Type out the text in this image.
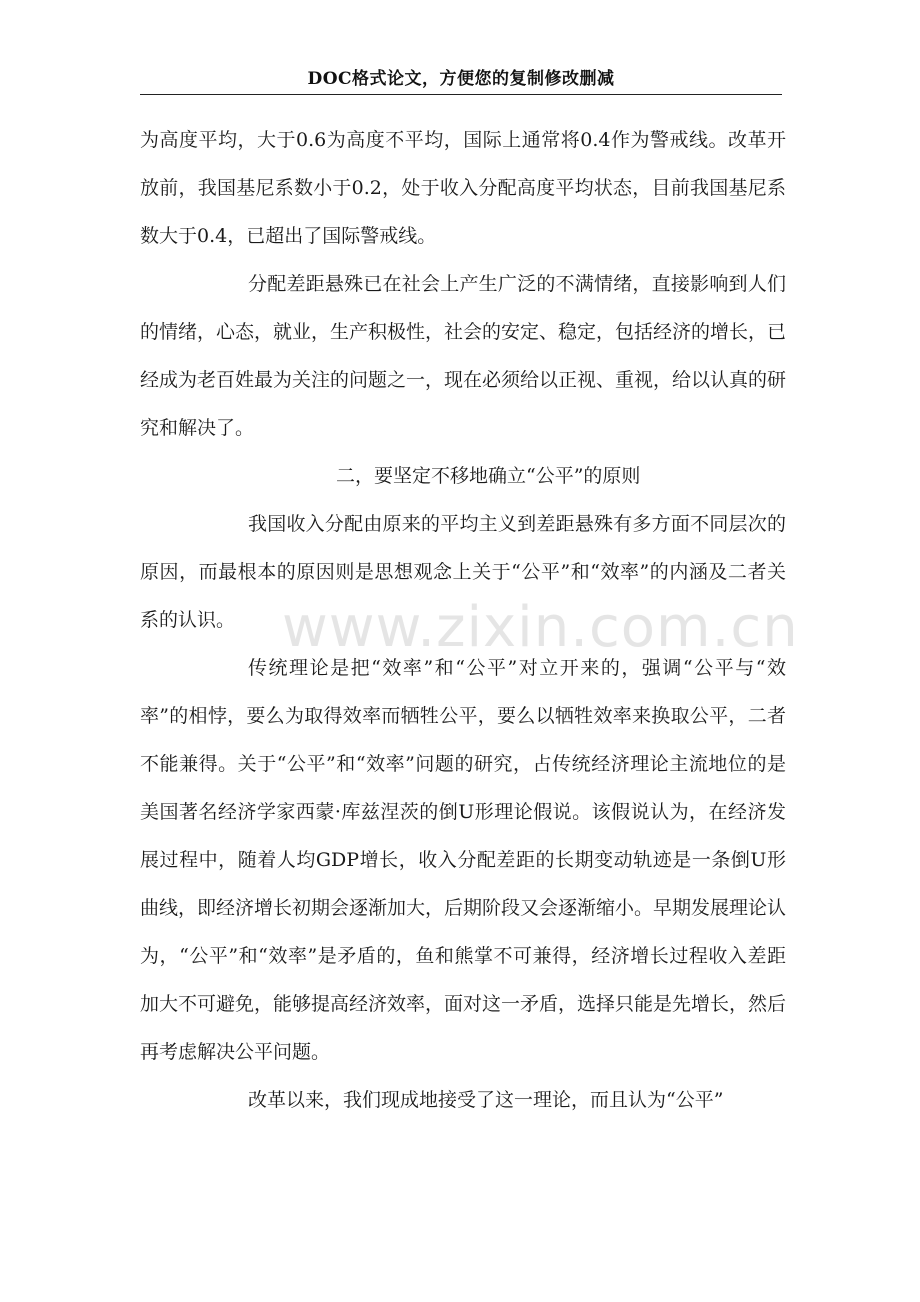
DOC格式论文，方便您的复制修改删减

为高度平均，大于0.6为高度不平均，国际上通常将0.4作为警戒线。改革开放前，我国基尼系数小于0.2，处于收入分配高度平均状态，目前我国基尼系数大于0.4，已超出了国际警戒线。

分配差距悬殊已在社会上产生广泛的不满情绪，直接影响到人们的情绪，心态，就业，生产积极性，社会的安定、稳定，包括经济的增长，已经成为老百姓最为关注的问题之一，现在必须给以正视、重视，给以认真的研究和解决了。

二，要坚定不移地确立“公平”的原则

我国收入分配由原来的平均主义到差距悬殊有多方面不同层次的原因，而最根本的原因则是思想观念上关于“公平”和“效率”的内涵及二者关系的认识。

传统理论是把“效率”和“公平”对立开来的，强调“公平与“效率”的相悖，要么为取得效率而牺牲公平，要么以牺牲效率来换取公平，二者不能兼得。关于“公平”和“效率”问题的研究，占传统经济理论主流地位的是美国著名经济学家西蒙·库兹涅茨的倒U形理论假说。该假说认为，在经济发展过程中，随着人均GDP增长，收入分配差距的长期变动轨迹是一条倒U形曲线，即经济增长初期会逐渐加大，后期阶段又会逐渐缩小。早期发展理论认为，“公平”和“效率”是矛盾的，鱼和熊掌不可兼得，经济增长过程收入差距加大不可避免，能够提高经济效率，面对这一矛盾，选择只能是先增长，然后再考虑解决公平问题。

改革以来，我们现成地接受了这一理论，而且认为“公平”

www.zixin.com.cn
